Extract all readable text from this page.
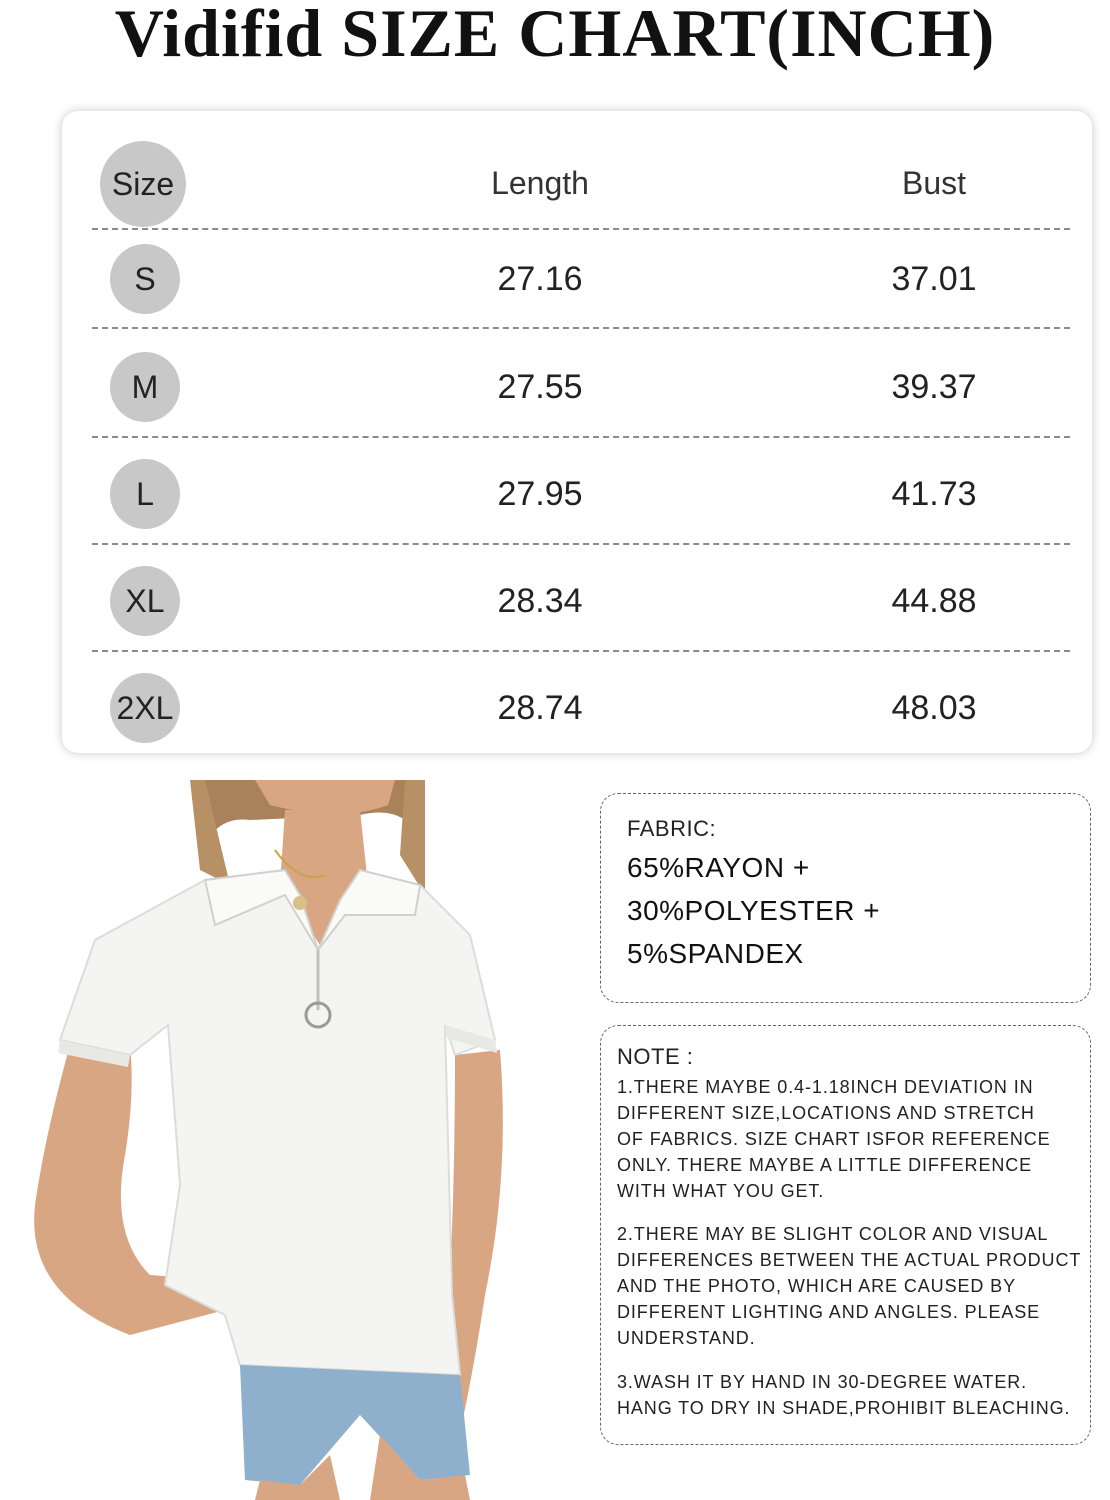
Vidifid SIZE CHART(INCH)
Size	Length	Bust
S	27.16	37.01
M	27.55	39.37
L	27.95	41.73
XL	28.34	44.88
2XL	28.74	48.03
FABRIC:
65%RAYON +
30%POLYESTER +
5%SPANDEX
NOTE :
1.THERE MAYBE 0.4-1.18INCH DEVIATION IN
DIFFERENT SIZE,LOCATIONS AND STRETCH
OF FABRICS. SIZE CHART ISFOR REFERENCE
ONLY. THERE MAYBE A LITTLE DIFFERENCE
WITH WHAT YOU GET.
2.THERE MAY BE SLIGHT COLOR AND VISUAL
DIFFERENCES BETWEEN THE ACTUAL PRODUCT
AND THE PHOTO, WHICH ARE CAUSED BY
DIFFERENT LIGHTING AND ANGLES. PLEASE
UNDERSTAND.
3.WASH IT BY HAND IN 30-DEGREE WATER.
HANG TO DRY IN SHADE,PROHIBIT BLEACHING.
